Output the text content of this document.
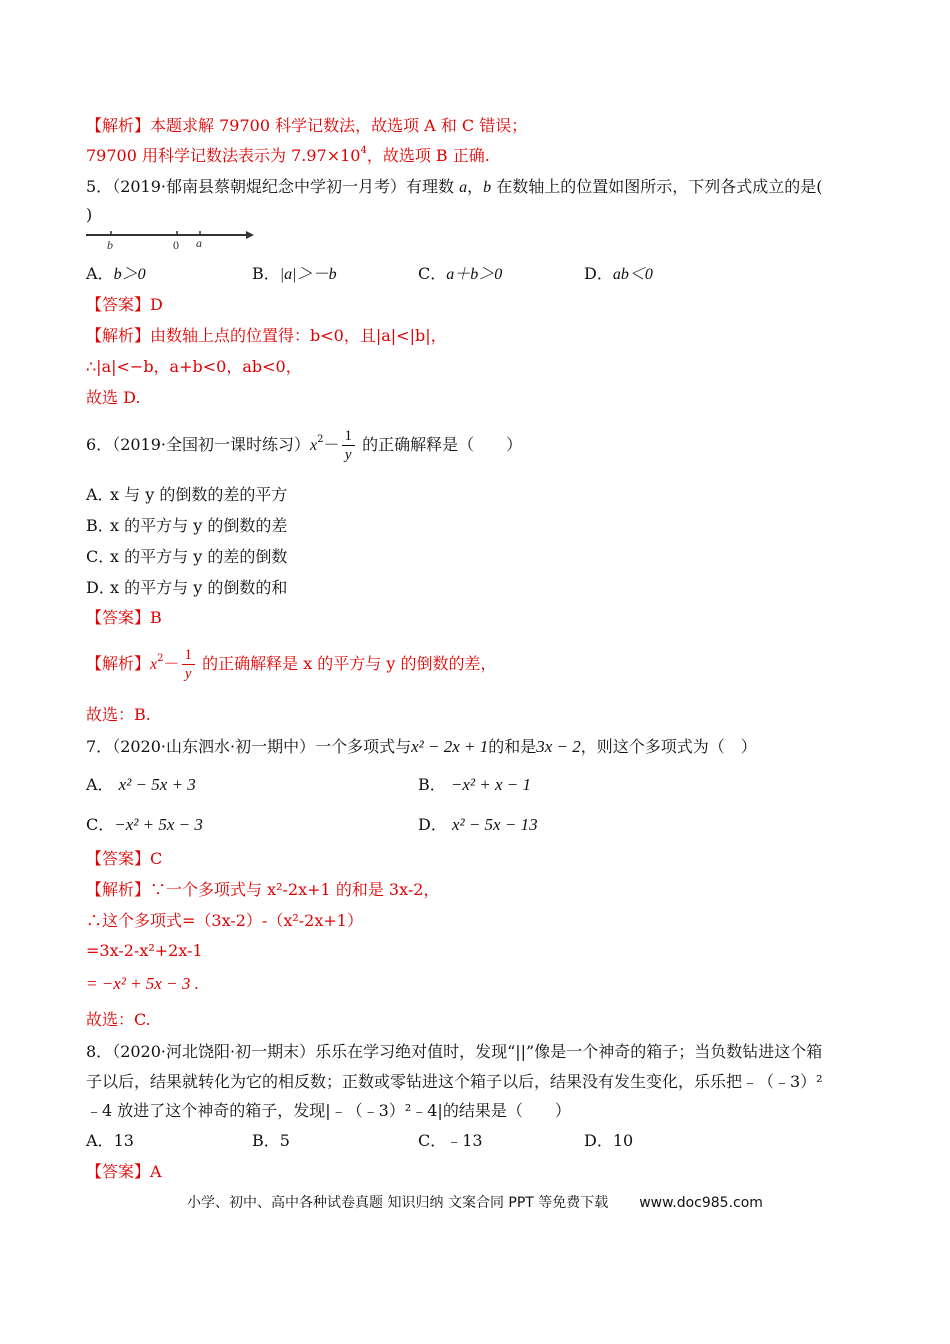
【解析】本题求解 79700 科学记数法，故选项 A 和 C 错误；
79700 用科学记数法表示为 $7.97\times 10^4$，故选项 B 正确.
5．（2019·郁南县蔡朝焜纪念中学初一月考）有理数 a，b 在数轴上的位置如图所示，下列各式成立的是(
)
b	0 a
A．b＞0	B．|a|＞－b	C．a＋b＞0	D．ab＜0
【答案】D
【解析】由数轴上点的位置得：b<0，且|a|<|b|，
∴|a|<−b，a+b<0，ab<0，
故选 D.
6．（2019·全国初一课时练习）$x^2- \frac{1}{y}$ 的正确解释是（　　）
A．
x 与 y 的倒数的差的平方
B．
x 的平方与 y 的倒数的差
C．
x 的平方与 y 的差的倒数
D．
x 的平方与 y 的倒数的和
【答案】B
【解析】$x^2- \frac{1}{y}$ 的正确解释是 x 的平方与 y 的倒数的差，
故选：B.
7．（2020·山东泗水·初一期中）一个多项式与x² − 2x + 1的和是3x − 2，则这个多项式为（　）
A． x² − 5x + 3	B． −x² + x − 1
C．−x² + 5x − 3	D． x² − 5x − 13
【答案】C
【解析】∵一个多项式与 x²-2x+1 的和是 3x-2，
∴这个多项式=（3x-2）-（x²-2x+1）
=3x-2-x²+2x-1
= −x² + 5x − 3 .
故选：C.
8．（2020·河北饶阳·初一期末）乐乐在学习绝对值时，发现“||”像是一个神奇的箱子；当负数钻进这个箱
子以后，结果就转化为它的相反数；正数或零钻进这个箱子以后，结果没有发生变化，乐乐把﹣（﹣3）²
﹣4 放进了这个神奇的箱子，发现|﹣（﹣3）²﹣4|的结果是（　　）
A．13	B．5	C．﹣13	D．10
【答案】A
小学、初中、高中各种试卷真题 知识归纳 文案合同 PPT 等免费下载 www.doc985.com
